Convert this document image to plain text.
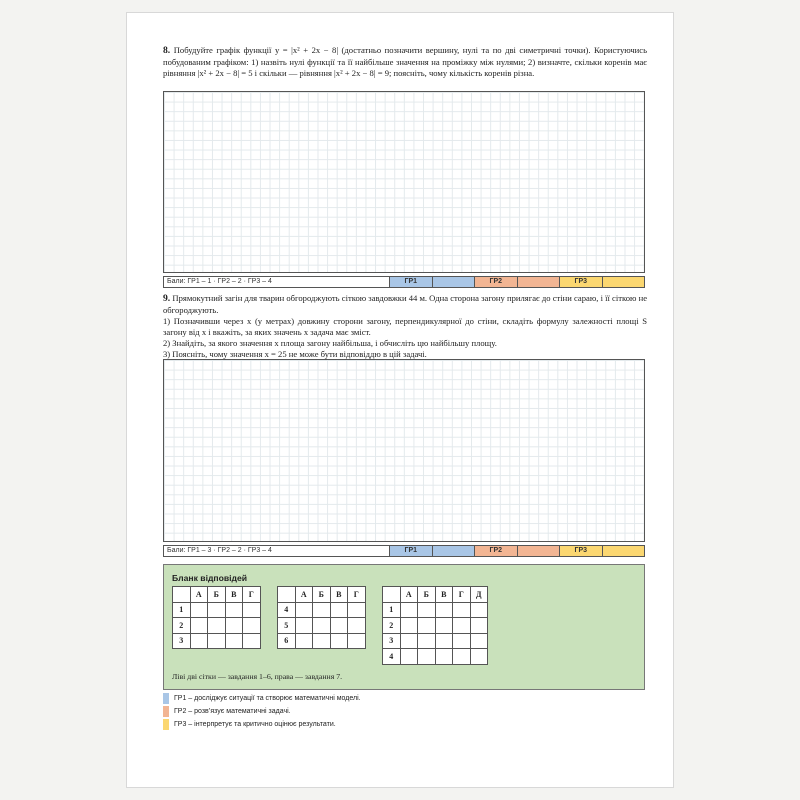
8. Побудуйте графік функції y = |x² + 2x − 8| (достатньо позначити вершину, нулі та по дві симетричні точки). Користуючись побудованим графіком: 1) назвіть нулі функції та її найбільше значення на проміжку між нулями; 2) визначте, скільки коренів має рівняння |x² + 2x − 8| = 5 і скільки — рівняння |x² + 2x − 8| = 9; поясніть, чому кількість коренів різна.
Бали: ГР1 – 1 · ГР2 – 2 · ГР3 – 4	ГР1	ГР2	ГР3
9. Прямокутний загін для тварин обгороджують сіткою завдовжки 44 м. Одна сторона загону прилягає до стіни сараю, і її сіткою не обгороджують.
1) Позначивши через x (у метрах) довжину сторони загону, перпендикулярної до стіни, складіть формулу залежності площі S загону від x і вкажіть, за яких значень x задача має зміст.
2) Знайдіть, за якого значення x площа загону найбільша, і обчисліть цю найбільшу площу.
3) Поясніть, чому значення x = 25 не може бути відповіддю в цій задачі.
Бали: ГР1 – 3 · ГР2 – 2 · ГР3 – 4	ГР1	ГР2	ГР3
Бланк відповідей
	А	Б	В	Г
1				
2				
3				
	А	Б	В	Г
4				
5				
6				
	А	Б	В	Г	Д
1					
2					
3					
4					
Ліві дві сітки — завдання 1–6, права — завдання 7.
ГР1 – досліджує ситуації та створює математичні моделі.
ГР2 – розв’язує математичні задачі.
ГР3 – інтерпретує та критично оцінює результати.
